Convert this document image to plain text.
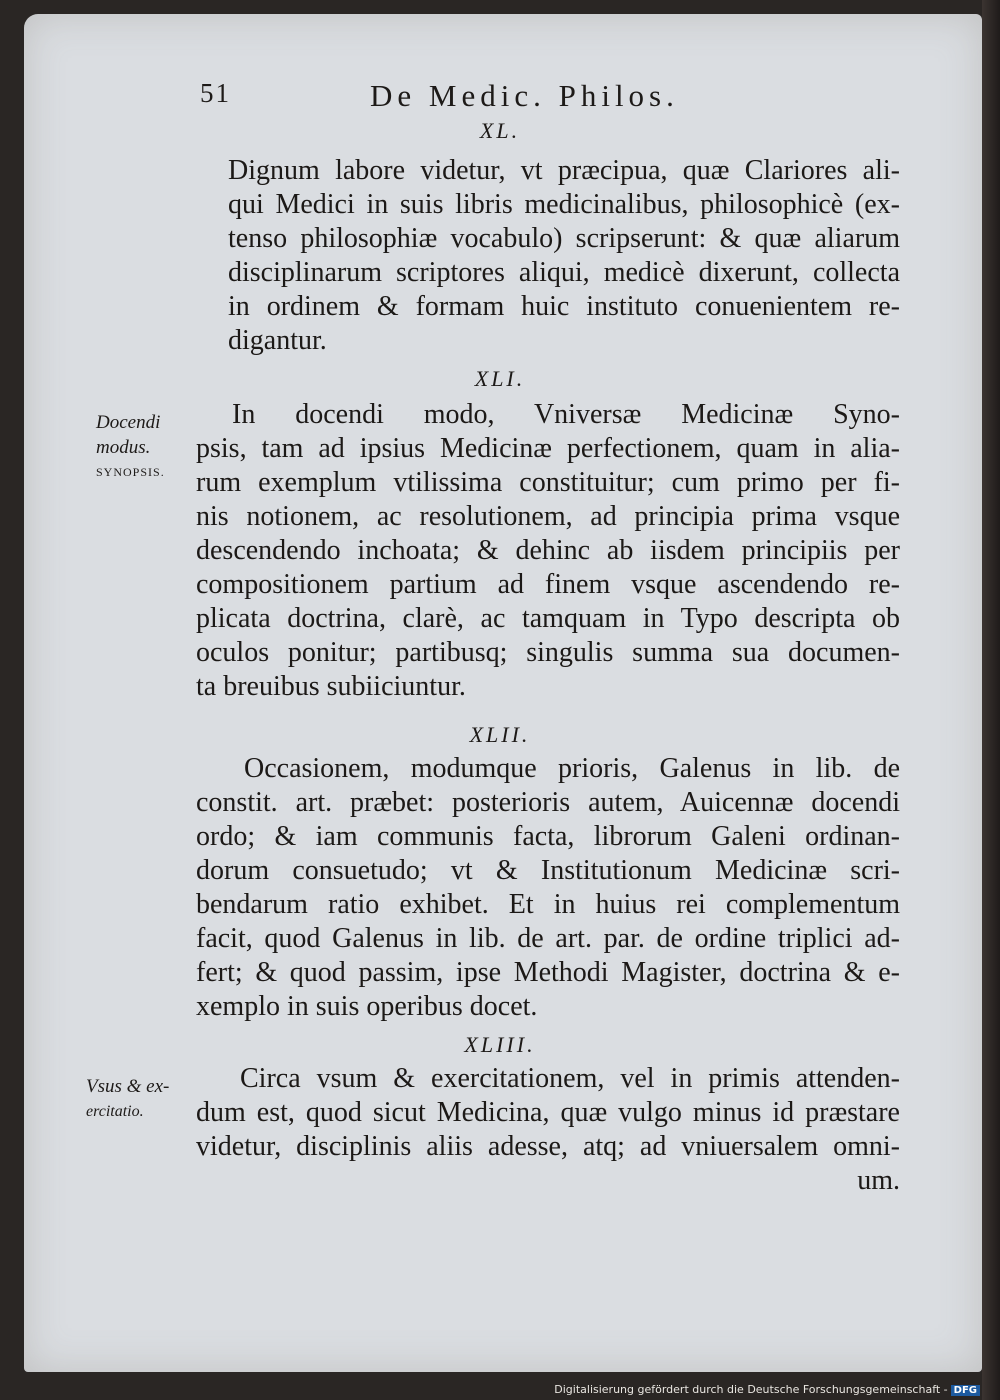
51	De Medic. Philos.
XL.
Dignum labore videtur, vt præcipua, quæ Clariores ali-
qui Medici in suis libris medicinalibus, philosophicè (ex-
tenso philosophiæ vocabulo) scripserunt: & quæ aliarum
disciplinarum scriptores aliqui, medicè dixerunt, collecta
in ordinem & formam huic instituto conuenientem re-
digantur.
XLI.
Docendi
modus.
SYNOPSIS.
In docendi modo, Vniversæ Medicinæ Syno-
psis, tam ad ipsius Medicinæ perfectionem, quam in alia-
rum exemplum vtilissima constituitur; cum primo per fi-
nis notionem, ac resolutionem, ad principia prima vsque
descendendo inchoata; & dehinc ab iisdem principiis per
compositionem partium ad finem vsque ascendendo re-
plicata doctrina, clarè, ac tamquam in Typo descripta ob
oculos ponitur; partibusq; singulis summa sua documen-
ta breuibus subiiciuntur.
XLII.
Occasionem, modumque prioris, Galenus in lib. de
constit. art. præbet: posterioris autem, Auicennæ docendi
ordo; & iam communis facta, librorum Galeni ordinan-
dorum consuetudo; vt & Institutionum Medicinæ scri-
bendarum ratio exhibet. Et in huius rei complementum
facit, quod Galenus in lib. de art. par. de ordine triplici ad-
fert; & quod passim, ipse Methodi Magister, doctrina & e-
xemplo in suis operibus docet.
XLIII.
Vsus & ex-
ercitatio.
Circa vsum & exercitationem, vel in primis attenden-
dum est, quod sicut Medicina, quæ vulgo minus id præstare
videtur, disciplinis aliis adesse, atq; ad vniuersalem omni-
um.
Digitalisierung gefördert durch die Deutsche Forschungsgemeinschaft - DFG
